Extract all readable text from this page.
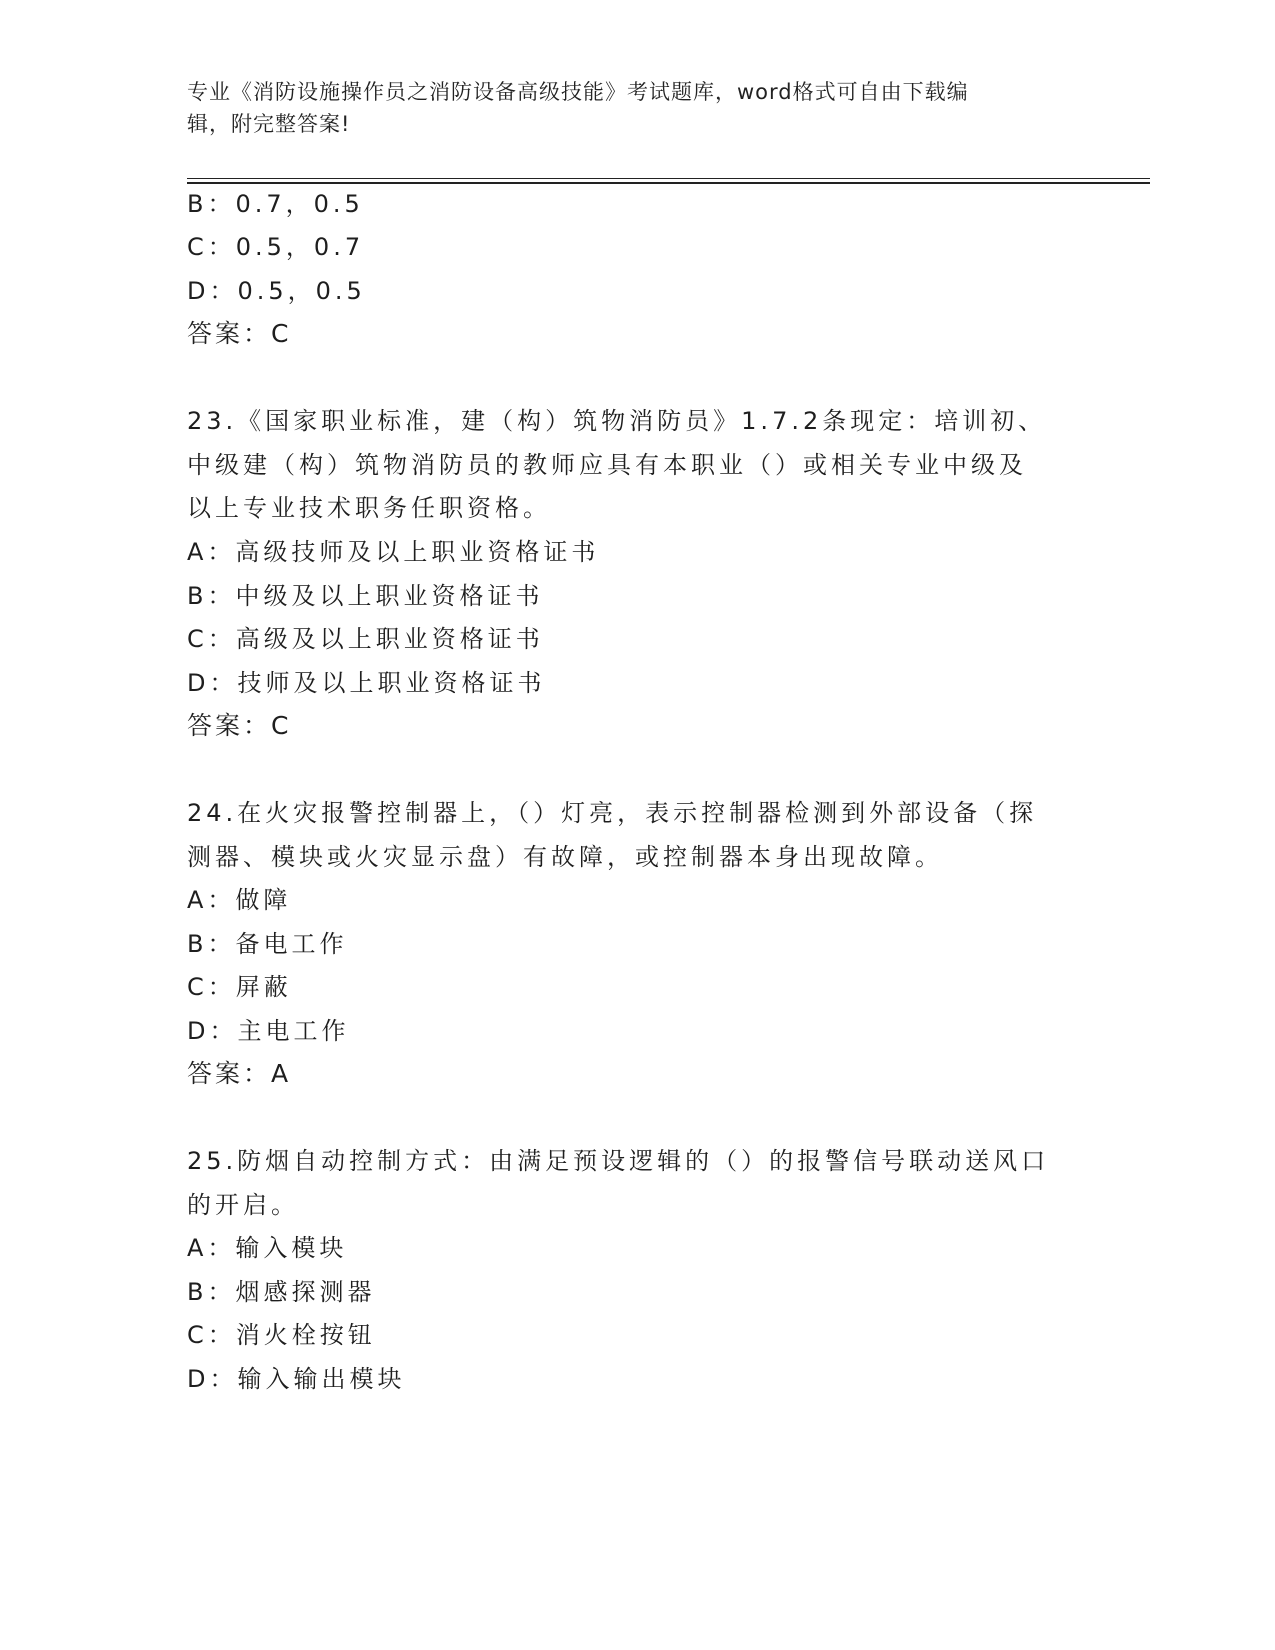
专业《消防设施操作员之消防设备高级技能》考试题库，word格式可自由下载编
辑，附完整答案!
B：0.7，0.5
C：0.5，0.7
D：0.5，0.5
答案：C
23.《国家职业标准，建（构）筑物消防员》1.7.2条现定：培训初、
中级建（构）筑物消防员的教师应具有本职业（）或相关专业中级及
以上专业技术职务任职资格。
A：高级技师及以上职业资格证书
B：中级及以上职业资格证书
C：高级及以上职业资格证书
D：技师及以上职业资格证书
答案：C
24.在火灾报警控制器上，（）灯亮，表示控制器检测到外部设备（探
测器、模块或火灾显示盘）有故障，或控制器本身出现故障。
A：做障
B：备电工作
C：屏蔽
D：主电工作
答案：A
25.防烟自动控制方式：由满足预设逻辑的（）的报警信号联动送风口
的开启。
A：输入模块
B：烟感探测器
C：消火栓按钮
D：输入输出模块
